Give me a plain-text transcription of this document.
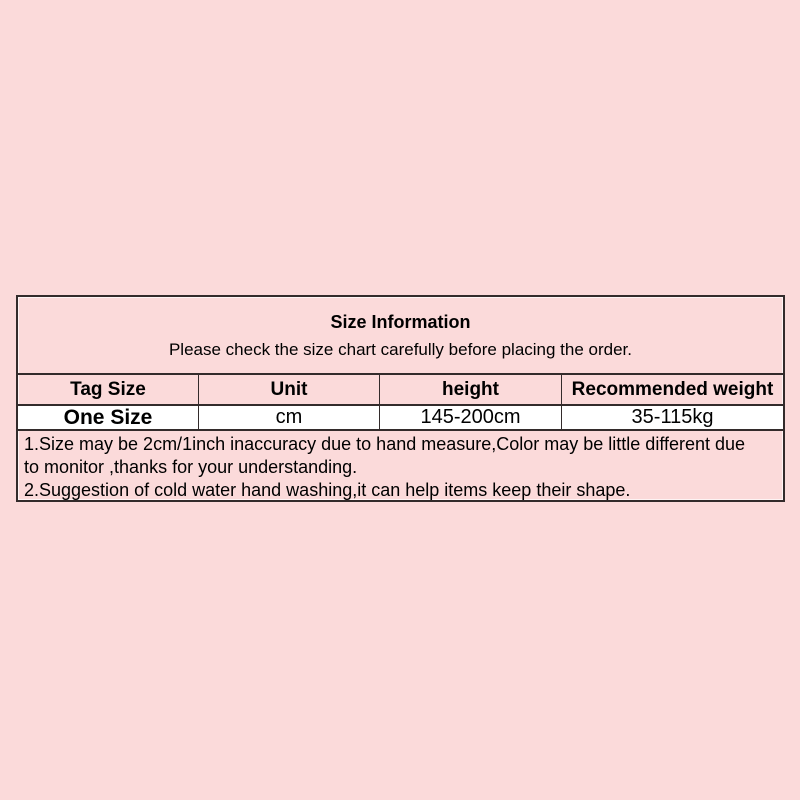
Size Information
Please check the size chart carefully before placing the order.
Tag Size	Unit	height	Recommended weight
One Size	cm	145-200cm	35-115kg
1.Size may be 2cm/1inch inaccuracy due to hand measure,Color may be little different due
to monitor ,thanks for your understanding.
2.Suggestion of cold water hand washing,it can help items keep their shape.
